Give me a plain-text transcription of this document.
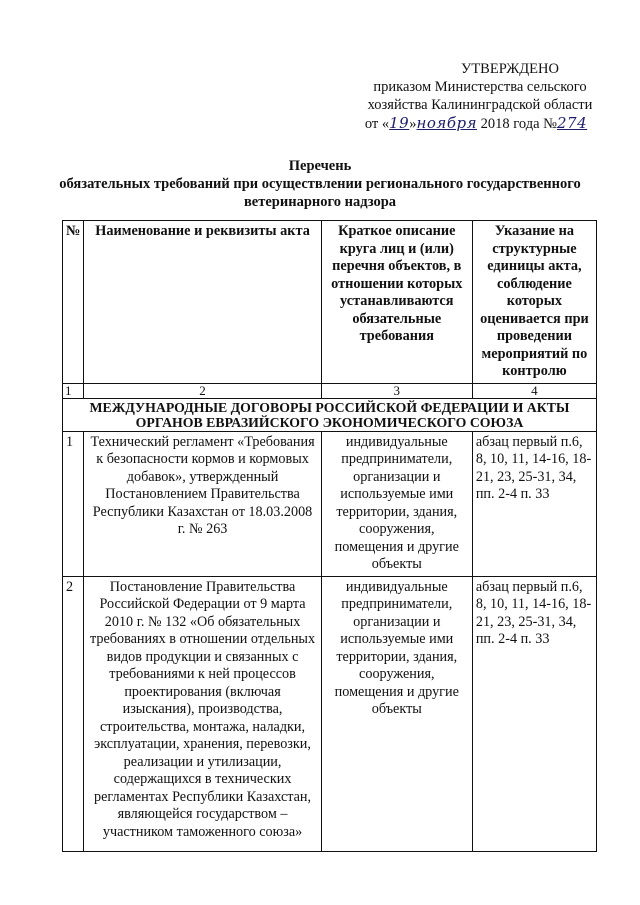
УТВЕРЖДЕНО
приказом Министерства сельского
хозяйства Калининградской области
от «19»ноября 2018 года №274
Перечень
обязательных требований при осуществлении регионального государственного
ветеринарного надзора
№	Наименование и реквизиты акта	Краткое описание круга лиц и (или) перечня объектов, в отношении которых устанавливаются обязательные требования	Указание на структурные единицы акта, соблюдение которых оценивается при проведении мероприятий по контролю
1	2	3	4
МЕЖДУНАРОДНЫЕ ДОГОВОРЫ РОССИЙСКОЙ ФЕДЕРАЦИИ И АКТЫ ОРГАНОВ ЕВРАЗИЙСКОГО ЭКОНОМИЧЕСКОГО СОЮЗА			
1	Технический регламент «Требования к безопасности кормов и кормовых добавок», утвержденный Постановлением Правительства Республики Казахстан от 18.03.2008 г. № 263	индивидуальные предприниматели, организации и используемые ими территории, здания, сооружения, помещения и другие объекты	абзац первый п.6, 8, 10, 11, 14-16, 18-21, 23, 25-31, 34, пп. 2-4 п. 33
2	Постановление Правительства Российской Федерации от 9 марта 2010 г. № 132 «Об обязательных требованиях в отношении отдельных видов продукции и связанных с требованиями к ней процессов проектирования (включая изыскания), производства, строительства, монтажа, наладки, эксплуатации, хранения, перевозки, реализации и утилизации, содержащихся в технических регламентах Республики Казахстан, являющейся государством – участником таможенного союза»	индивидуальные предприниматели, организации и используемые ими территории, здания, сооружения, помещения и другие объекты	абзац первый п.6, 8, 10, 11, 14-16, 18-21, 23, 25-31, 34, пп. 2-4 п. 33
